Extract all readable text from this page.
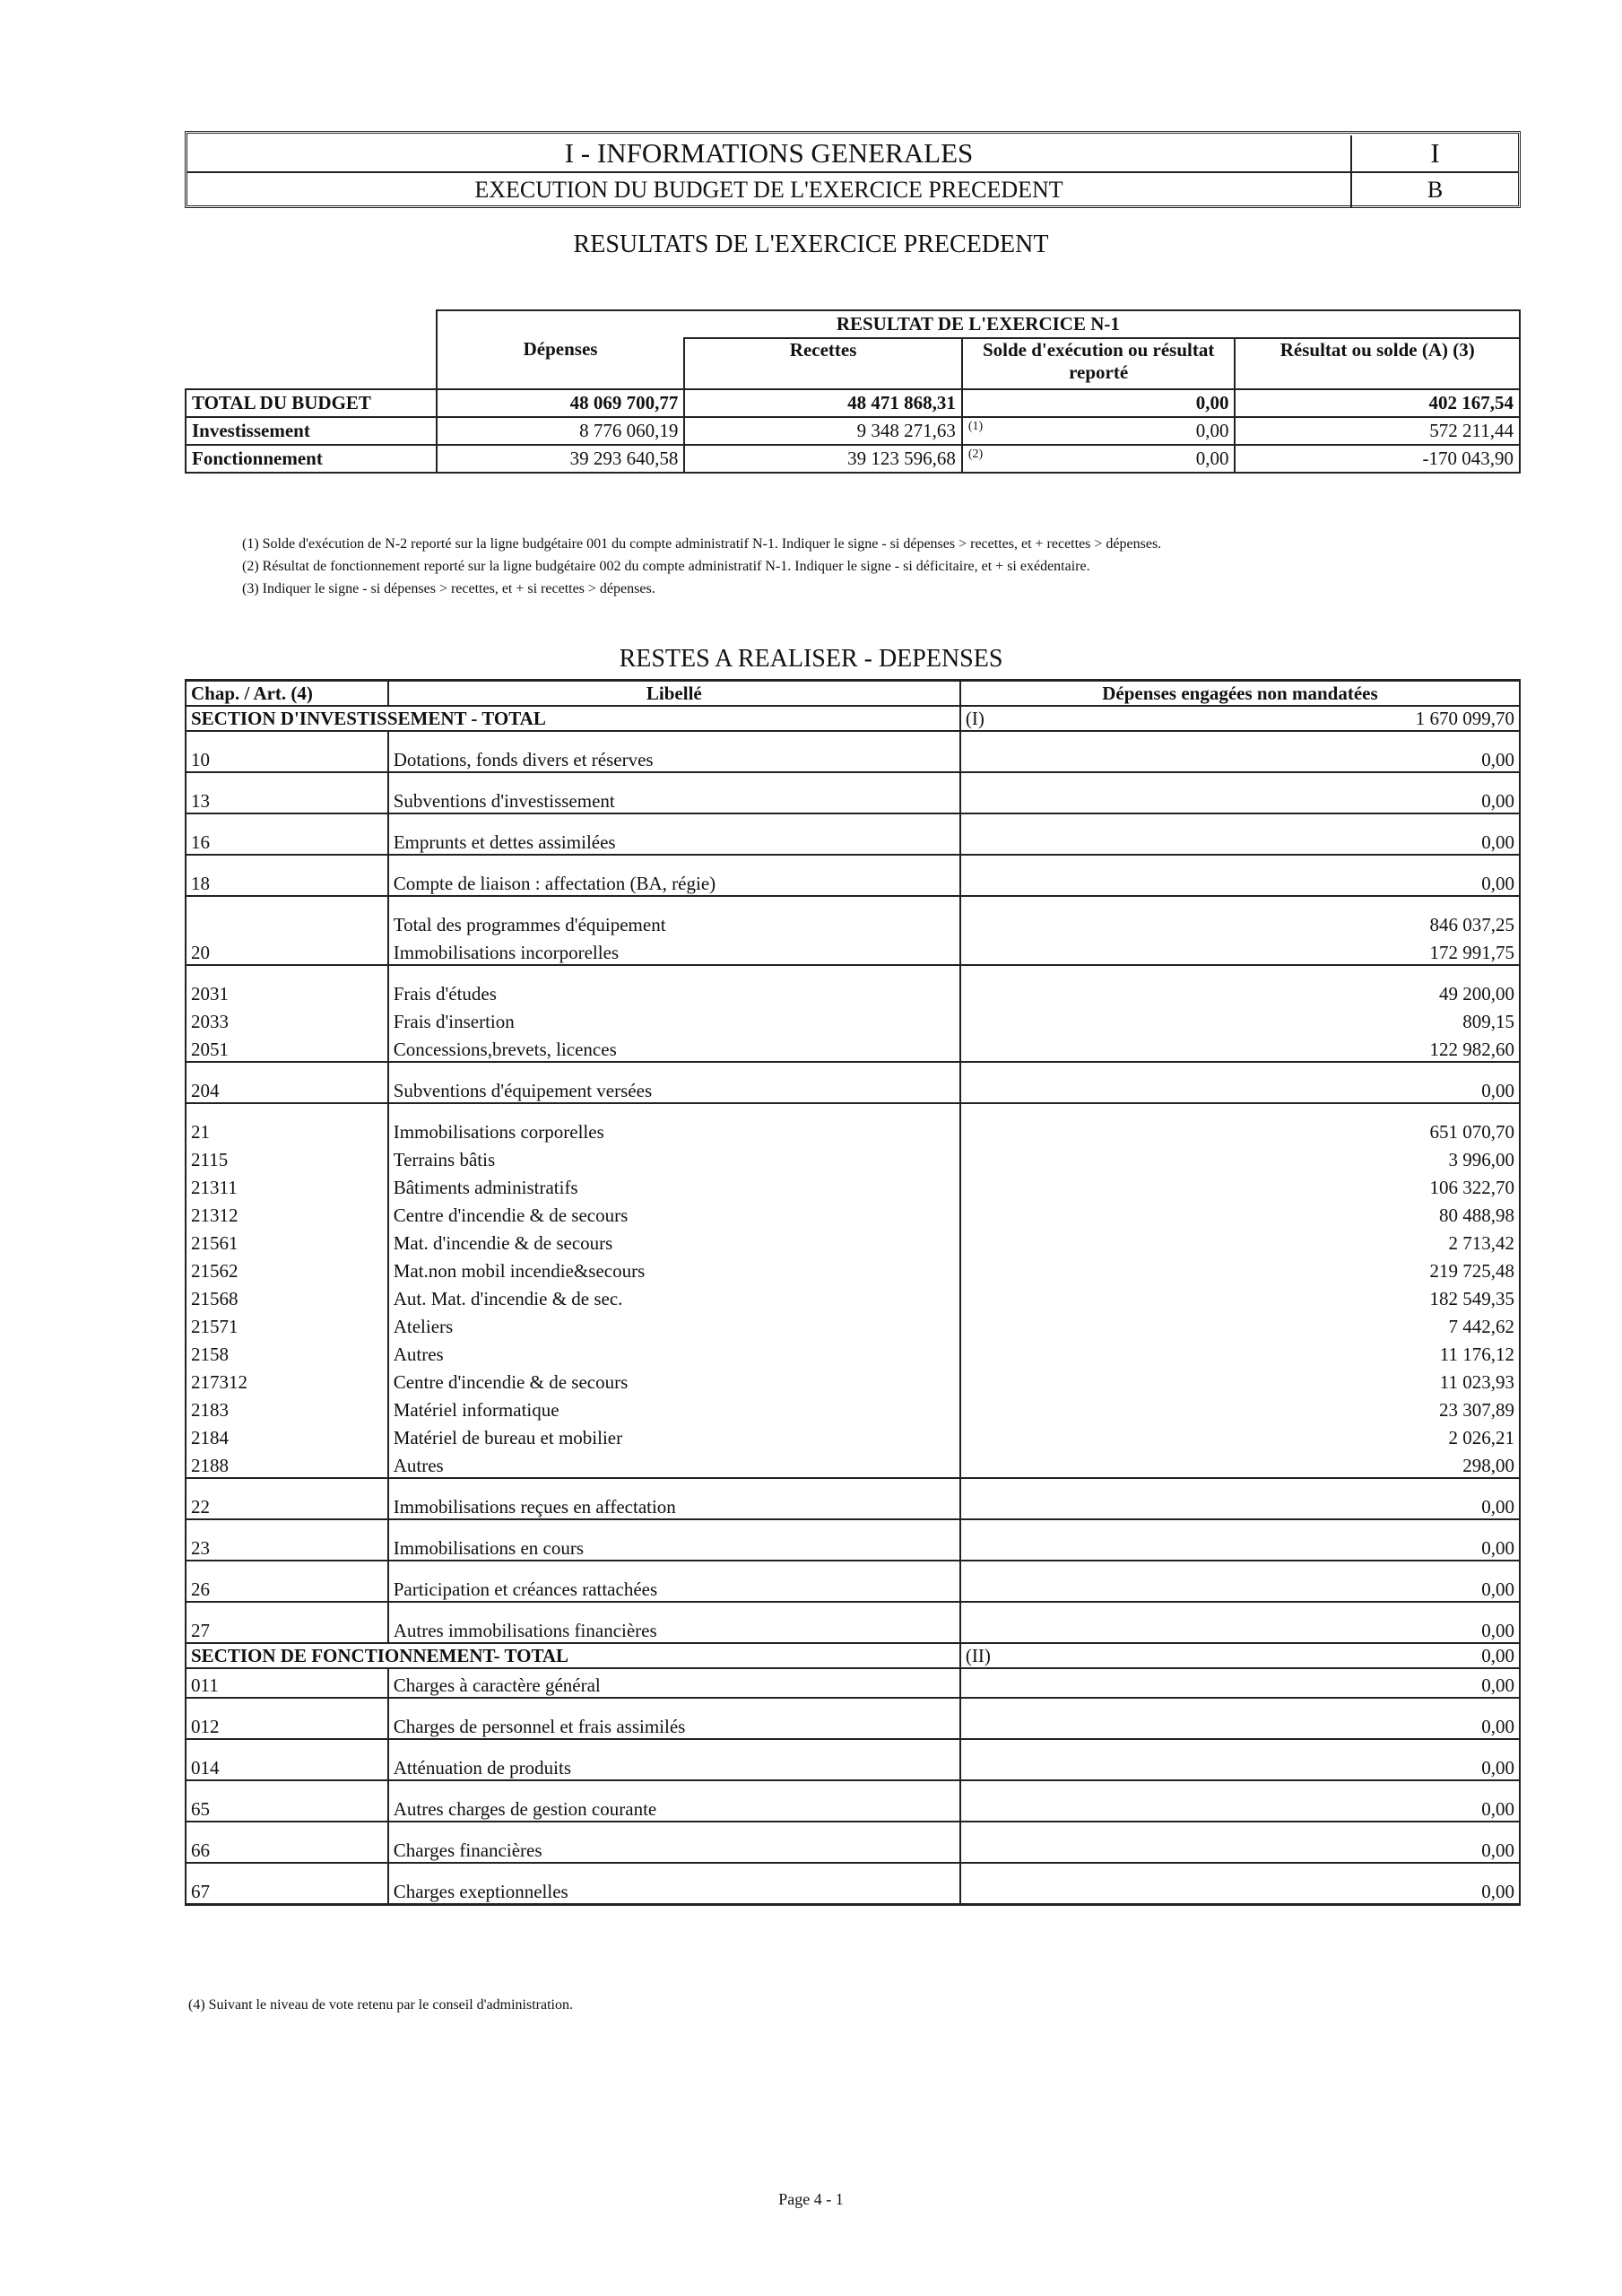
I - INFORMATIONS GENERALES	I
EXECUTION DU BUDGET DE L'EXERCICE PRECEDENT	B
RESULTATS DE L'EXERCICE PRECEDENT
	RESULTAT DE L'EXERCICE N-1			
	Dépenses	Recettes	Solde d'exécution ou résultat reporté	Résultat ou solde (A) (3)
TOTAL DU BUDGET	48 069 700,77	48 471 868,31	0,00	402 167,54
Investissement	8 776 060,19	9 348 271,63	(1) 0,00	572 211,44
Fonctionnement	39 293 640,58	39 123 596,68	(2) 0,00	-170 043,90
(1) Solde d'exécution de N-2 reporté sur la ligne budgétaire 001 du compte administratif N-1. Indiquer le signe - si dépenses > recettes, et + recettes > dépenses.
(2) Résultat de fonctionnement reporté sur la ligne budgétaire 002 du compte administratif N-1. Indiquer le signe - si déficitaire, et + si exédentaire.
(3) Indiquer le signe - si dépenses > recettes, et + si recettes > dépenses.
RESTES A REALISER - DEPENSES
Chap. / Art. (4)	Libellé	Dépenses engagées non mandatées
SECTION D'INVESTISSEMENT - TOTAL		(I) 1 670 099,70

10	Dotations, fonds divers et réserves	0,00
13	Subventions d'investissement	0,00
16	Emprunts et dettes assimilées	0,00
18	Compte de liaison : affectation (BA, régie)	0,00
	Total des programmes d'équipement	846 037,25
20	Immobilisations incorporelles	172 991,75
2031	Frais d'études	49 200,00
2033	Frais d'insertion	809,15
2051	Concessions,brevets, licences	122 982,60
204	Subventions d'équipement versées	0,00
21	Immobilisations corporelles	651 070,70
2115	Terrains bâtis	3 996,00
21311	Bâtiments administratifs	106 322,70
21312	Centre d'incendie & de secours	80 488,98
21561	Mat. d'incendie & de secours	2 713,42
21562	Mat.non mobil incendie&secours	219 725,48
21568	Aut. Mat. d'incendie & de sec.	182 549,35
21571	Ateliers	7 442,62
2158	Autres	11 176,12
217312	Centre d'incendie & de secours	11 023,93
2183	Matériel informatique	23 307,89
2184	Matériel de bureau et mobilier	2 026,21
2188	Autres	298,00
22	Immobilisations reçues en affectation	0,00
23	Immobilisations en cours	0,00
26	Participation et créances rattachées	0,00
27	Autres immobilisations financières	0,00
SECTION DE FONCTIONNEMENT- TOTAL		(II) 0,00

011	Charges à caractère général	0,00
012	Charges de personnel et frais assimilés	0,00
014	Atténuation de produits	0,00
65	Autres charges de gestion courante	0,00
66	Charges financières	0,00
67	Charges exeptionnelles	0,00
(4) Suivant le niveau de vote retenu par le conseil d'administration.
Page 4 - 1
